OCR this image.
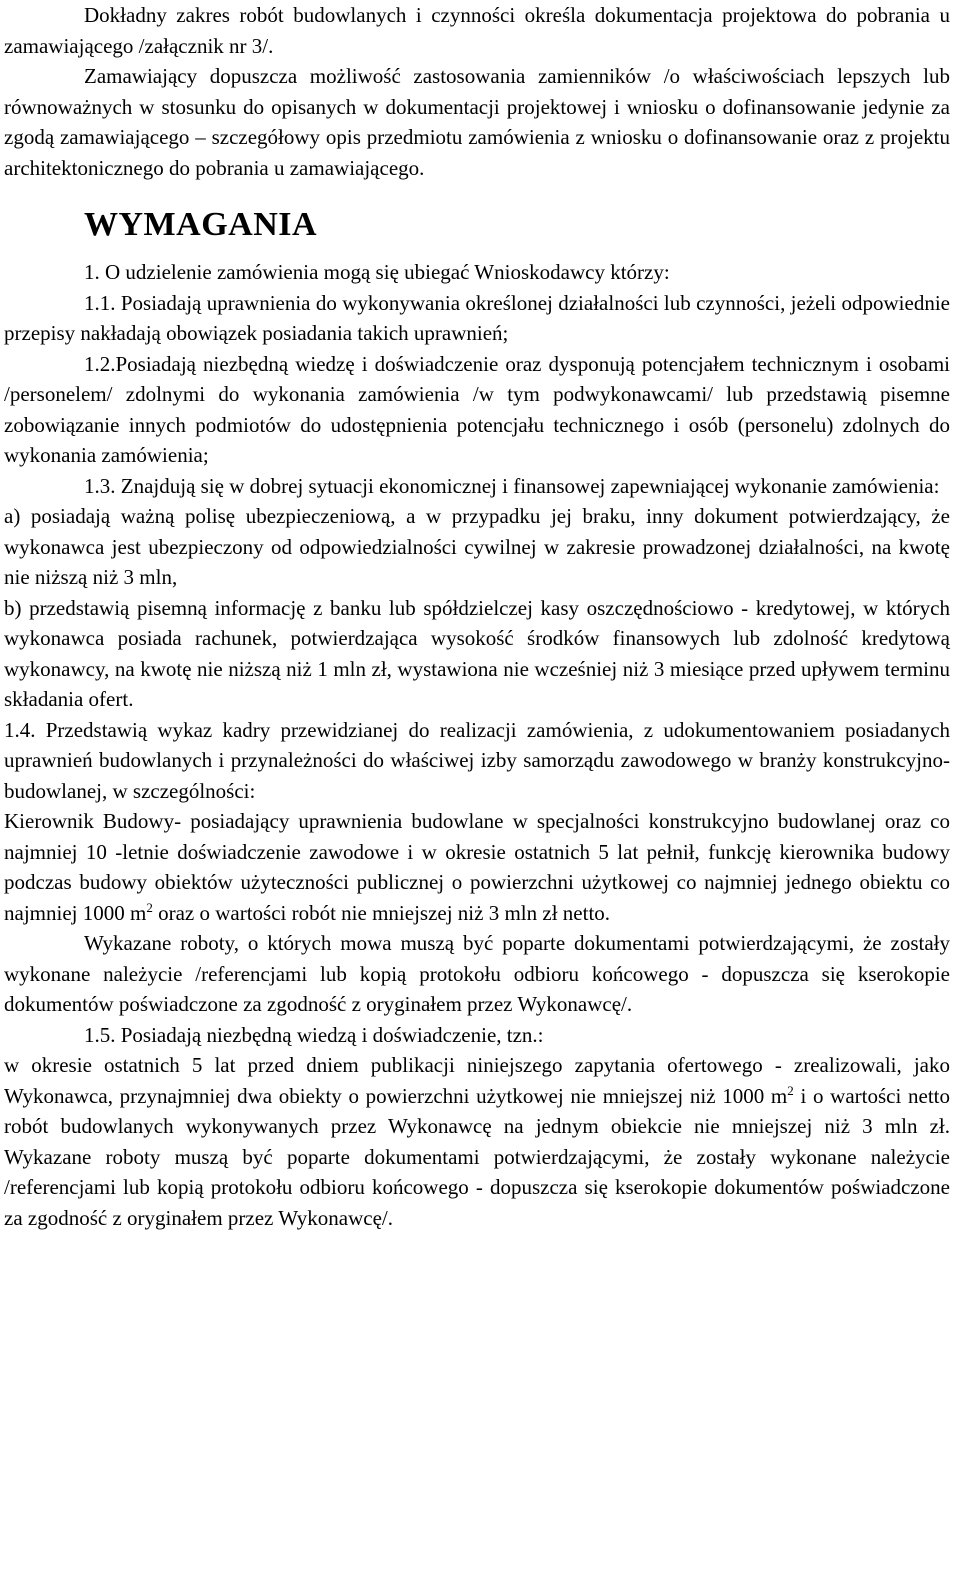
Dokładny zakres robót budowlanych i czynności określa dokumentacja projektowa do pobrania u zamawiającego /załącznik nr 3/.

Zamawiający dopuszcza możliwość zastosowania zamienników /o właściwościach lepszych lub równoważnych w stosunku do opisanych w dokumentacji projektowej i wniosku o dofinansowanie jedynie za zgodą zamawiającego – szczegółowy opis przedmiotu zamówienia z wniosku o dofinansowanie oraz z projektu architektonicznego do pobrania u zamawiającego.

WYMAGANIA

1. O udzielenie zamówienia mogą się ubiegać Wnioskodawcy którzy:

1.1. Posiadają uprawnienia do wykonywania określonej działalności lub czynności, jeżeli odpowiednie przepisy nakładają obowiązek posiadania takich uprawnień;

1.2.Posiadają niezbędną wiedzę i doświadczenie oraz dysponują potencjałem technicznym i osobami /personelem/ zdolnymi do wykonania zamówienia /w tym podwykonawcami/ lub przedstawią pisemne zobowiązanie innych podmiotów do udostępnienia potencjału technicznego i osób (personelu) zdolnych do wykonania zamówienia;

1.3. Znajdują się w dobrej sytuacji ekonomicznej i finansowej zapewniającej wykonanie zamówienia:

a) posiadają ważną polisę ubezpieczeniową, a w przypadku jej braku, inny dokument potwierdzający, że wykonawca jest ubezpieczony od odpowiedzialności cywilnej w zakresie prowadzonej działalności, na kwotę nie niższą niż 3 mln,

b) przedstawią pisemną informację z banku lub spółdzielczej kasy oszczędnościowo - kredytowej, w których wykonawca posiada rachunek, potwierdzająca wysokość środków finansowych lub zdolność kredytową wykonawcy, na kwotę nie niższą niż 1 mln zł, wystawiona nie wcześniej niż 3 miesiące przed upływem terminu składania ofert.

1.4. Przedstawią wykaz kadry przewidzianej do realizacji zamówienia, z udokumentowaniem posiadanych uprawnień budowlanych i przynależności do właściwej izby samorządu zawodowego w branży konstrukcyjno-budowlanej, w szczególności:

Kierownik Budowy- posiadający uprawnienia budowlane w specjalności konstrukcyjno budowlanej oraz co najmniej 10 -letnie doświadczenie zawodowe i w okresie ostatnich 5 lat pełnił, funkcję kierownika budowy podczas budowy obiektów użyteczności publicznej o powierzchni użytkowej co najmniej jednego obiektu co najmniej 1000 $m^2$ oraz o wartości robót nie mniejszej niż 3 mln zł netto.

Wykazane roboty, o których mowa muszą być poparte dokumentami potwierdzającymi, że zostały wykonane należycie /referencjami lub kopią protokołu odbioru końcowego - dopuszcza się kserokopie dokumentów poświadczone za zgodność z oryginałem przez Wykonawcę/.

1.5. Posiadają niezbędną wiedzą i doświadczenie, tzn.:

w okresie ostatnich 5 lat przed dniem publikacji niniejszego zapytania ofertowego - zrealizowali, jako Wykonawca, przynajmniej dwa obiekty o powierzchni użytkowej nie mniejszej niż 1000 $m^2$ i o wartości netto robót budowlanych wykonywanych przez Wykonawcę na jednym obiekcie nie mniejszej niż 3 mln zł. Wykazane roboty muszą być poparte dokumentami potwierdzającymi, że zostały wykonane należycie /referencjami lub kopią protokołu odbioru końcowego - dopuszcza się kserokopie dokumentów poświadczone za zgodność z oryginałem przez Wykonawcę/.
